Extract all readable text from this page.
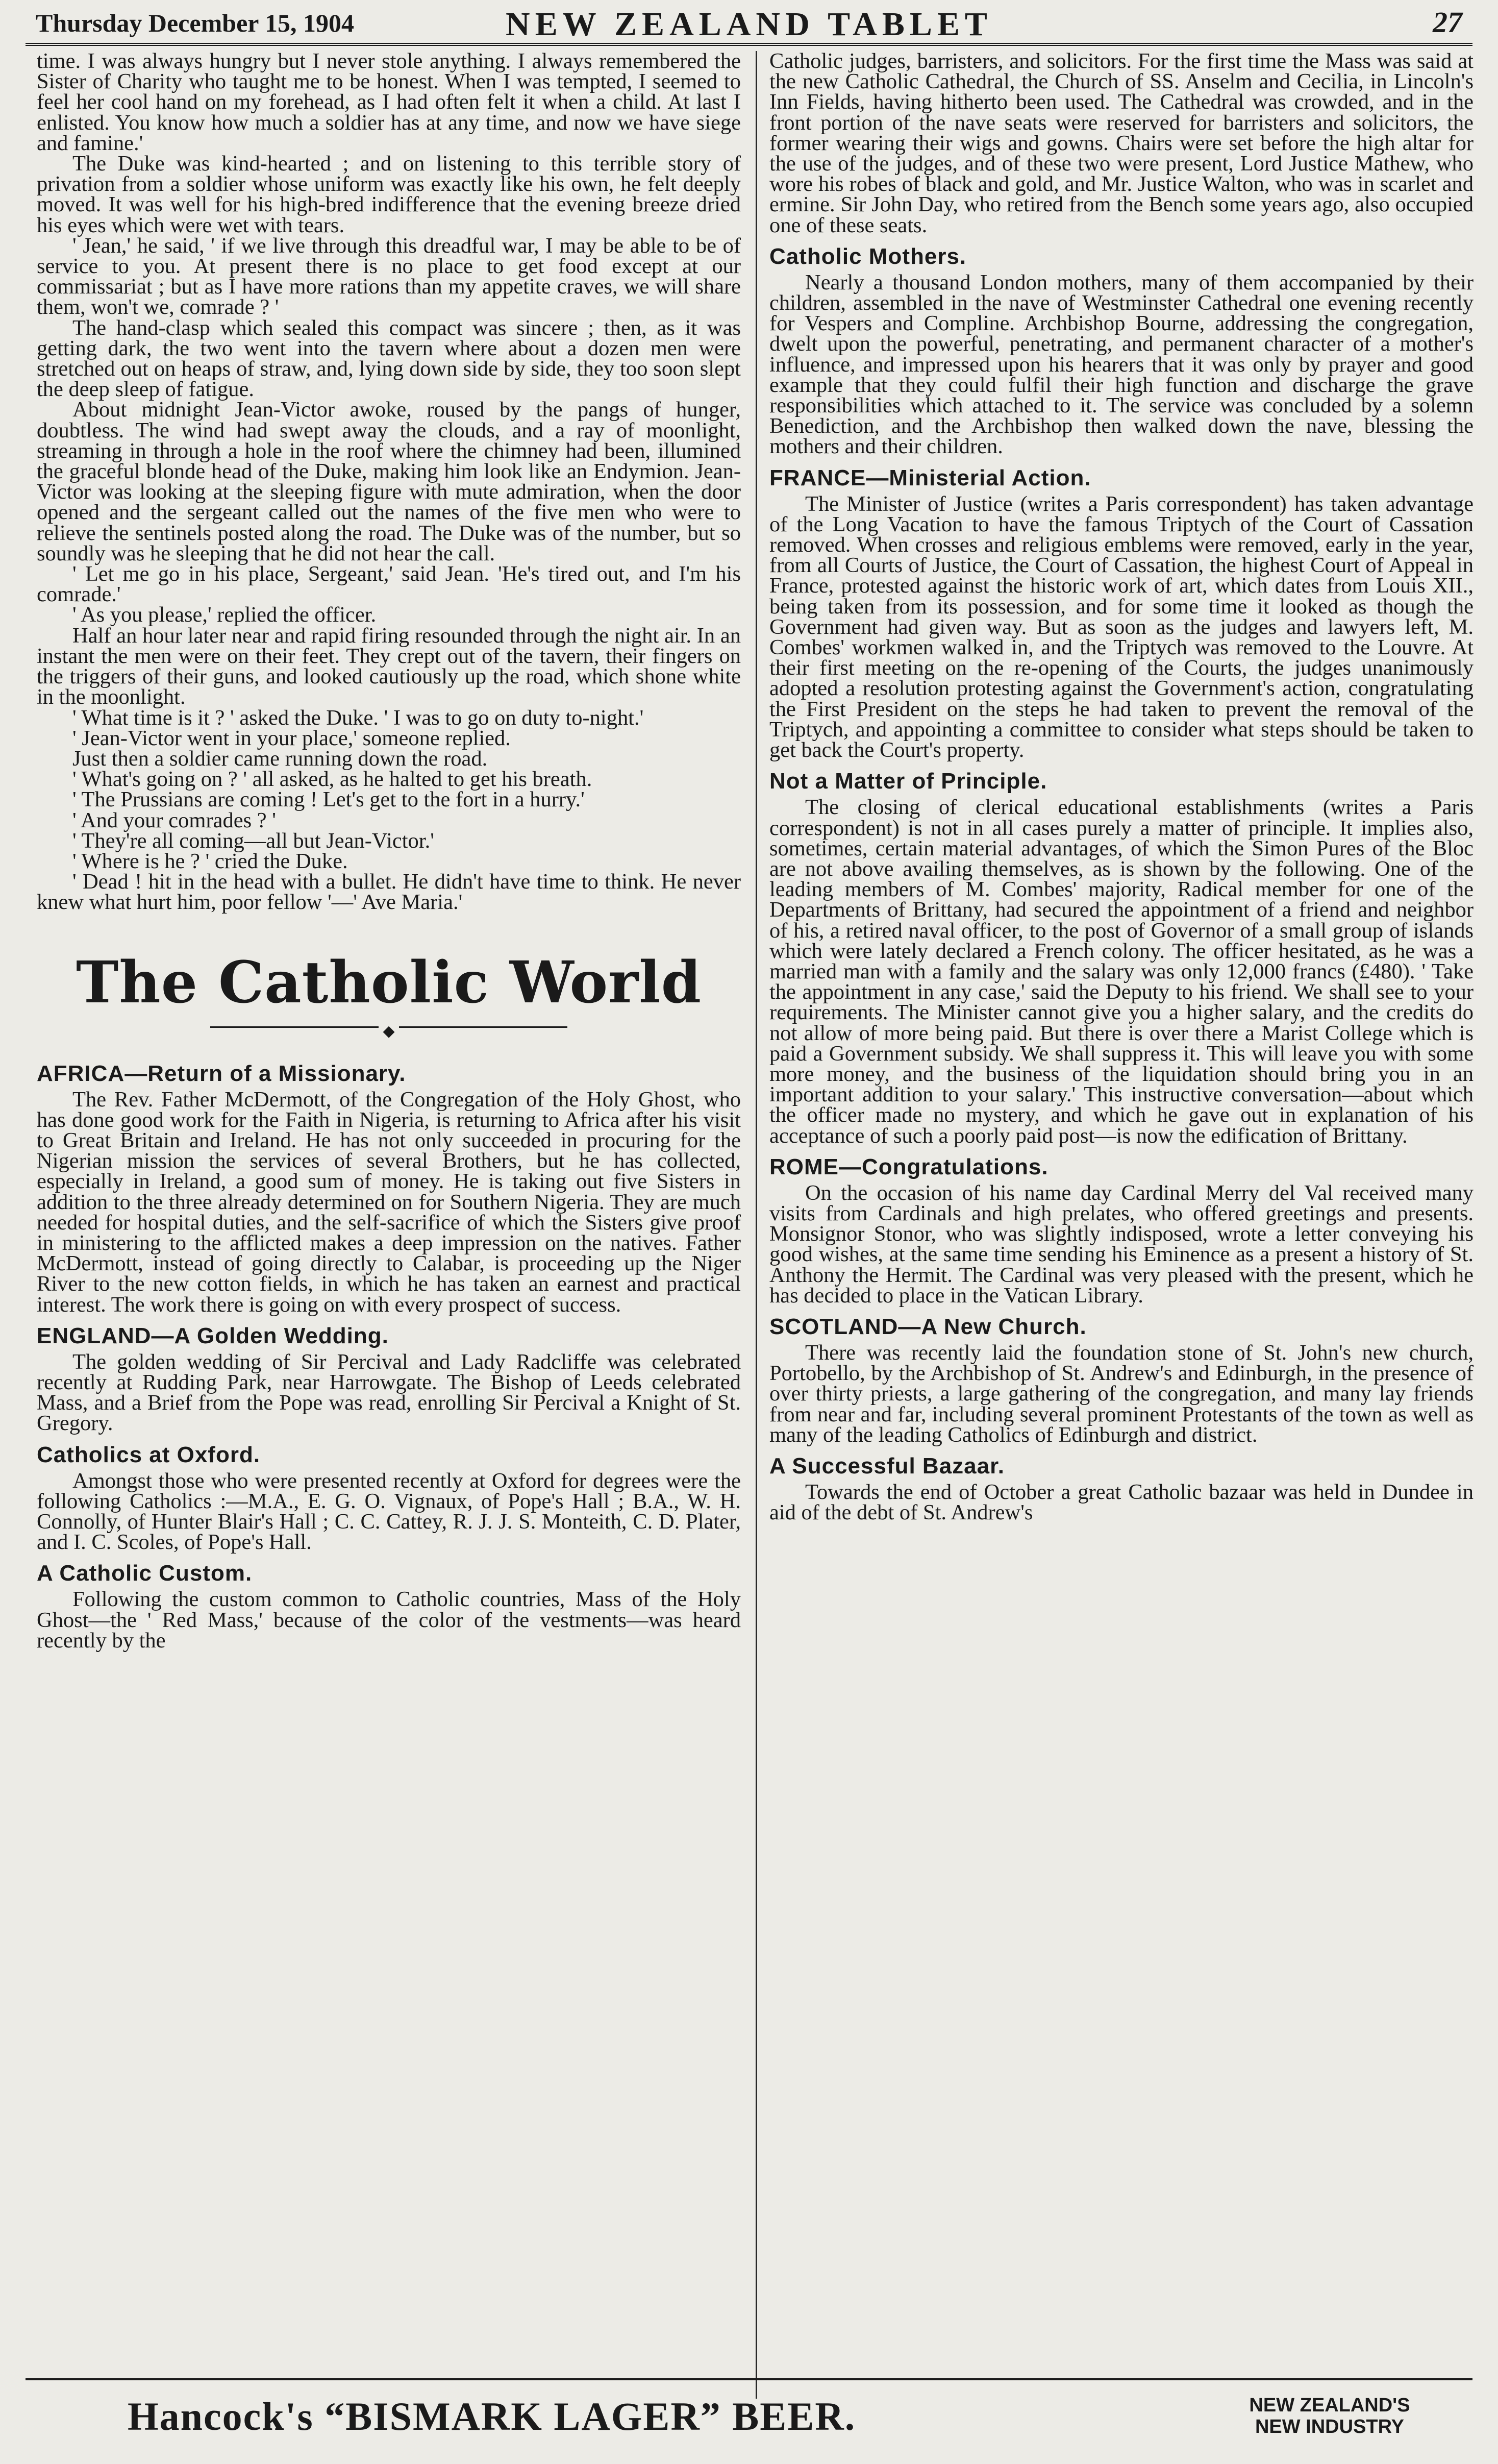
Thursday December 15, 1904	NEW ZEALAND TABLET	27

time. I was always hungry but I never stole anything. I always remembered the Sister of Charity who taught me to be honest. When I was tempted, I seemed to feel her cool hand on my forehead, as I had often felt it when a child. At last I enlisted. You know how much a soldier has at any time, and now we have siege and famine.'

The Duke was kind-hearted ; and on listening to this terrible story of privation from a soldier whose uniform was exactly like his own, he felt deeply moved. It was well for his high-bred indifference that the evening breeze dried his eyes which were wet with tears.

' Jean,' he said, ' if we live through this dreadful war, I may be able to be of service to you. At present there is no place to get food except at our commissariat ; but as I have more rations than my appetite craves, we will share them, won't we, comrade ? '

The hand-clasp which sealed this compact was sincere ; then, as it was getting dark, the two went into the tavern where about a dozen men were stretched out on heaps of straw, and, lying down side by side, they too soon slept the deep sleep of fatigue.

About midnight Jean-Victor awoke, roused by the pangs of hunger, doubtless. The wind had swept away the clouds, and a ray of moonlight, streaming in through a hole in the roof where the chimney had been, illumined the graceful blonde head of the Duke, making him look like an Endymion. Jean-Victor was looking at the sleeping figure with mute admiration, when the door opened and the sergeant called out the names of the five men who were to relieve the sentinels posted along the road. The Duke was of the number, but so soundly was he sleeping that he did not hear the call.

' Let me go in his place, Sergeant,' said Jean. 'He's tired out, and I'm his comrade.'

' As you please,' replied the officer.

Half an hour later near and rapid firing resounded through the night air. In an instant the men were on their feet. They crept out of the tavern, their fingers on the triggers of their guns, and looked cautiously up the road, which shone white in the moonlight.

' What time is it ? ' asked the Duke. ' I was to go on duty to-night.'

' Jean-Victor went in your place,' someone replied.

Just then a soldier came running down the road.

' What's going on ? ' all asked, as he halted to get his breath.

' The Prussians are coming ! Let's get to the fort in a hurry.'

' And your comrades ? '

' They're all coming—all but Jean-Victor.'

' Where is he ? ' cried the Duke.

' Dead ! hit in the head with a bullet. He didn't have time to think. He never knew what hurt him, poor fellow '—' Ave Maria.'

The Catholic World
◆
AFRICA—Return of a Missionary.

The Rev. Father McDermott, of the Congregation of the Holy Ghost, who has done good work for the Faith in Nigeria, is returning to Africa after his visit to Great Britain and Ireland. He has not only succeeded in procuring for the Nigerian mission the services of several Brothers, but he has collected, especially in Ireland, a good sum of money. He is taking out five Sisters in addition to the three already determined on for Southern Nigeria. They are much needed for hospital duties, and the self-sacrifice of which the Sisters give proof in ministering to the afflicted makes a deep impression on the natives. Father McDermott, instead of going directly to Calabar, is proceeding up the Niger River to the new cotton fields, in which he has taken an earnest and practical interest. The work there is going on with every prospect of success.

ENGLAND—A Golden Wedding.

The golden wedding of Sir Percival and Lady Radcliffe was celebrated recently at Rudding Park, near Harrowgate. The Bishop of Leeds celebrated Mass, and a Brief from the Pope was read, enrolling Sir Percival a Knight of St. Gregory.

Catholics at Oxford.

Amongst those who were presented recently at Oxford for degrees were the following Catholics :—M.A., E. G. O. Vignaux, of Pope's Hall ; B.A., W. H. Connolly, of Hunter Blair's Hall ; C. C. Cattey, R. J. J. S. Monteith, C. D. Plater, and I. C. Scoles, of Pope's Hall.

A Catholic Custom.

Following the custom common to Catholic countries, Mass of the Holy Ghost—the ' Red Mass,' because of the color of the vestments—was heard recently by the

Catholic judges, barristers, and solicitors. For the first time the Mass was said at the new Catholic Cathedral, the Church of SS. Anselm and Cecilia, in Lincoln's Inn Fields, having hitherto been used. The Cathedral was crowded, and in the front portion of the nave seats were reserved for barristers and solicitors, the former wearing their wigs and gowns. Chairs were set before the high altar for the use of the judges, and of these two were present, Lord Justice Mathew, who wore his robes of black and gold, and Mr. Justice Walton, who was in scarlet and ermine. Sir John Day, who retired from the Bench some years ago, also occupied one of these seats.

Catholic Mothers.

Nearly a thousand London mothers, many of them accompanied by their children, assembled in the nave of Westminster Cathedral one evening recently for Vespers and Compline. Archbishop Bourne, addressing the congregation, dwelt upon the powerful, penetrating, and permanent character of a mother's influence, and impressed upon his hearers that it was only by prayer and good example that they could fulfil their high function and discharge the grave responsibilities which attached to it. The service was concluded by a solemn Benediction, and the Archbishop then walked down the nave, blessing the mothers and their children.

FRANCE—Ministerial Action.

The Minister of Justice (writes a Paris correspondent) has taken advantage of the Long Vacation to have the famous Triptych of the Court of Cassation removed. When crosses and religious emblems were removed, early in the year, from all Courts of Justice, the Court of Cassation, the highest Court of Appeal in France, protested against the historic work of art, which dates from Louis XII., being taken from its possession, and for some time it looked as though the Government had given way. But as soon as the judges and lawyers left, M. Combes' workmen walked in, and the Triptych was removed to the Louvre. At their first meeting on the re-opening of the Courts, the judges unanimously adopted a resolution protesting against the Government's action, congratulating the First President on the steps he had taken to prevent the removal of the Triptych, and appointing a committee to consider what steps should be taken to get back the Court's property.

Not a Matter of Principle.

The closing of clerical educational establishments (writes a Paris correspondent) is not in all cases purely a matter of principle. It implies also, sometimes, certain material advantages, of which the Simon Pures of the Bloc are not above availing themselves, as is shown by the following. One of the leading members of M. Combes' majority, Radical member for one of the Departments of Brittany, had secured the appointment of a friend and neighbor of his, a retired naval officer, to the post of Governor of a small group of islands which were lately declared a French colony. The officer hesitated, as he was a married man with a family and the salary was only 12,000 francs (£480). ' Take the appointment in any case,' said the Deputy to his friend. We shall see to your requirements. The Minister cannot give you a higher salary, and the credits do not allow of more being paid. But there is over there a Marist College which is paid a Government subsidy. We shall suppress it. This will leave you with some more money, and the business of the liquidation should bring you in an important addition to your salary.' This instructive conversation—about which the officer made no mystery, and which he gave out in explanation of his acceptance of such a poorly paid post—is now the edification of Brittany.

ROME—Congratulations.

On the occasion of his name day Cardinal Merry del Val received many visits from Cardinals and high prelates, who offered greetings and presents. Monsignor Stonor, who was slightly indisposed, wrote a letter conveying his good wishes, at the same time sending his Eminence as a present a history of St. Anthony the Hermit. The Cardinal was very pleased with the present, which he has decided to place in the Vatican Library.

SCOTLAND—A New Church.

There was recently laid the foundation stone of St. John's new church, Portobello, by the Archbishop of St. Andrew's and Edinburgh, in the presence of over thirty priests, a large gathering of the congregation, and many lay friends from near and far, including several prominent Protestants of the town as well as many of the leading Catholics of Edinburgh and district.

A Successful Bazaar.

Towards the end of October a great Catholic bazaar was held in Dundee in aid of the debt of St. Andrew's

Hancock's “BISMARK LAGER” BEER.	NEW ZEALAND'S
NEW INDUSTRY
